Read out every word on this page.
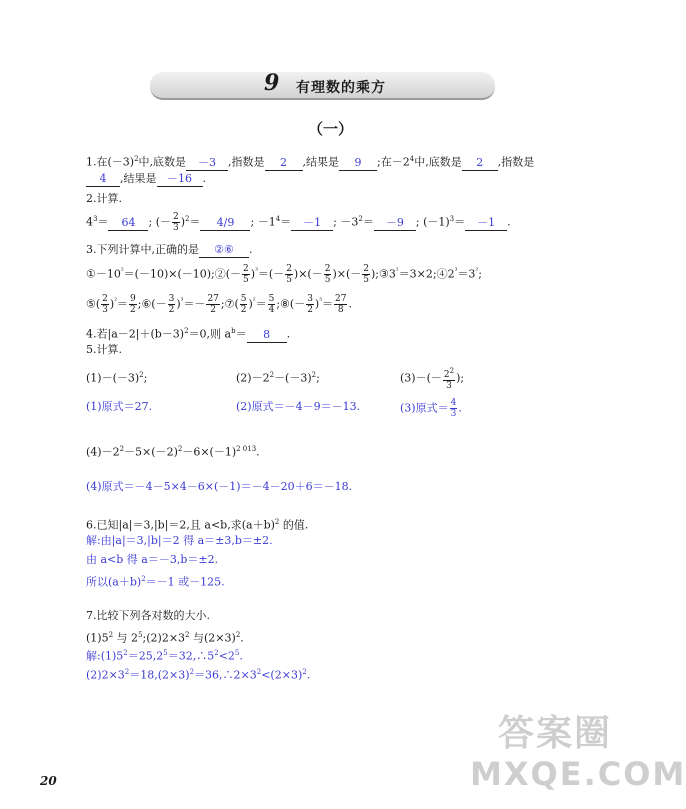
9 有理数的乘方
（一）
1.在$(-3)^2$中,底数是 －3 ,指数是 2 ,结果是 9 ;在$-2^4$中,底数是 2 ,指数是
4 ,结果是 －16 .
2.计算.
$4^3= 64$ ; (－ $\frac{2}{3} )^2= 4/9$ ; $-1^4= -1$ ; $-3^2= -9$ ; $(-1)^3= -1$ .
3.下列计算中,正确的是 ②⑥ .
$①-10^{^2}=(-10)\times(-10);②(- \frac{2}{5} )^{^3}=(- \frac{2}{5}$ )×(－ $\frac{2}{5}$ )×(－ $\frac{2}{5}$ )$;③3^{^2}=3\times 2;④2^{^3}=3^{^2}$;
⑤( $\frac{2}{3} )^{^2}= \frac{9}{2}$ ;⑥(－ $\frac{3}{2} )^{^3}=- \frac{27}{2}$ ;⑦( $\frac{5}{2} )^{^2}= \frac{5}{4}$ ;⑧(－ $\frac{3}{2} )^{^3}= \frac{27}{8}$ .
4.若$|a-2|+(b-3)^2=0$,则 $a^b= 8$ .
5.计算.
$(1)-(-3)^2$;	$(2)-2^2-(-3)^2$;	$(3)-(- \frac{2^2}{3}$ );
(1)原式＝27.	(2)原式＝－4－9＝－13.	(3)原式＝ $\frac{4}{3}$ .
$(4)-2^2-5\times(-2)^2-6\times(-1)^{2 013}$.
(4)原式＝－4－5×4－6×(－1)＝－4－20＋6＝－18.
6.已知|a|＝3,|b|＝2,且 a<b,求$(a+b)^2$ 的值.
解:由|a|＝3,|b|＝2 得 a＝±3,b＝±2.
由 a<b 得 a＝－3,b＝±2.
所以$(a+b)^2=-1$ 或－125.
7.比较下列各对数的大小.
$(1)5^2$ 与 $2^5;(2)2\times 3^2$ 与$(2\times 3)^2$.
解$:(1)5^2=25,2^5=32,\therefore 5^2<2^5$.
$(2)2\times 3^2=18,(2\times 3)^2=36,\therefore 2\times 3^2<(2\times 3)^2$.
20
答案圈
MXQE.COM
